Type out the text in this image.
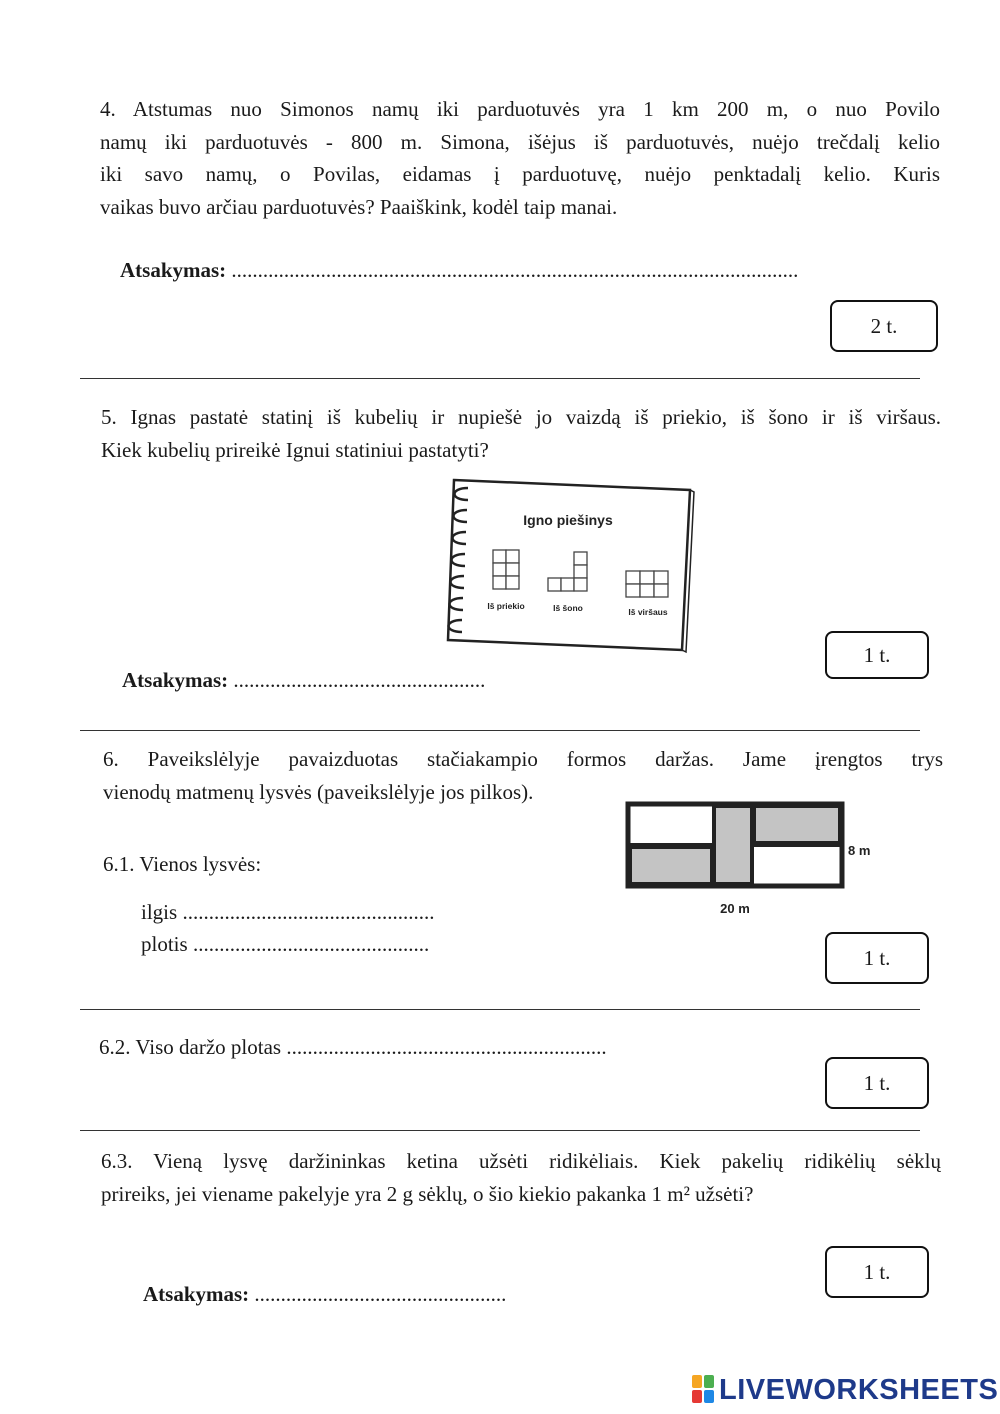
4. Atstumas nuo Simonos namų iki parduotuvės yra 1 km 200 m, o nuo Povilo
namų iki parduotuvės - 800 m. Simona, išėjus iš parduotuvės, nuėjo trečdalį kelio
iki savo namų, o Povilas, eidamas į parduotuvę, nuėjo penktadalį kelio. Kuris
vaikas buvo arčiau parduotuvės? Paaiškink, kodėl taip manai.
Atsakymas: ............................................................................................................
2 t.
5. Ignas pastatė statinį iš kubelių ir nupiešė jo vaizdą iš priekio, iš šono ir iš viršaus.
Kiek kubelių prireikė Ignui statiniui pastatyti?
Igno piešinys
Iš priekio	Iš šono	Iš viršaus
1 t.
Atsakymas: ................................................
6. Paveikslėlyje pavaizduotas stačiakampio formos daržas. Jame įrengtos trys
vienodų matmenų lysvės (paveikslėlyje jos pilkos).
8 m
20 m
6.1. Vienos lysvės:
ilgis ................................................
plotis .............................................
1 t.
6.2. Viso daržo plotas .............................................................
1 t.
6.3. Vieną lysvę daržininkas ketina užsėti ridikėliais. Kiek pakelių ridikėlių sėklų
prireiks, jei viename pakelyje yra 2 g sėklų, o šio kiekio pakanka 1 m² užsėti?
1 t.
Atsakymas: ................................................
LIVEWORKSHEETS
